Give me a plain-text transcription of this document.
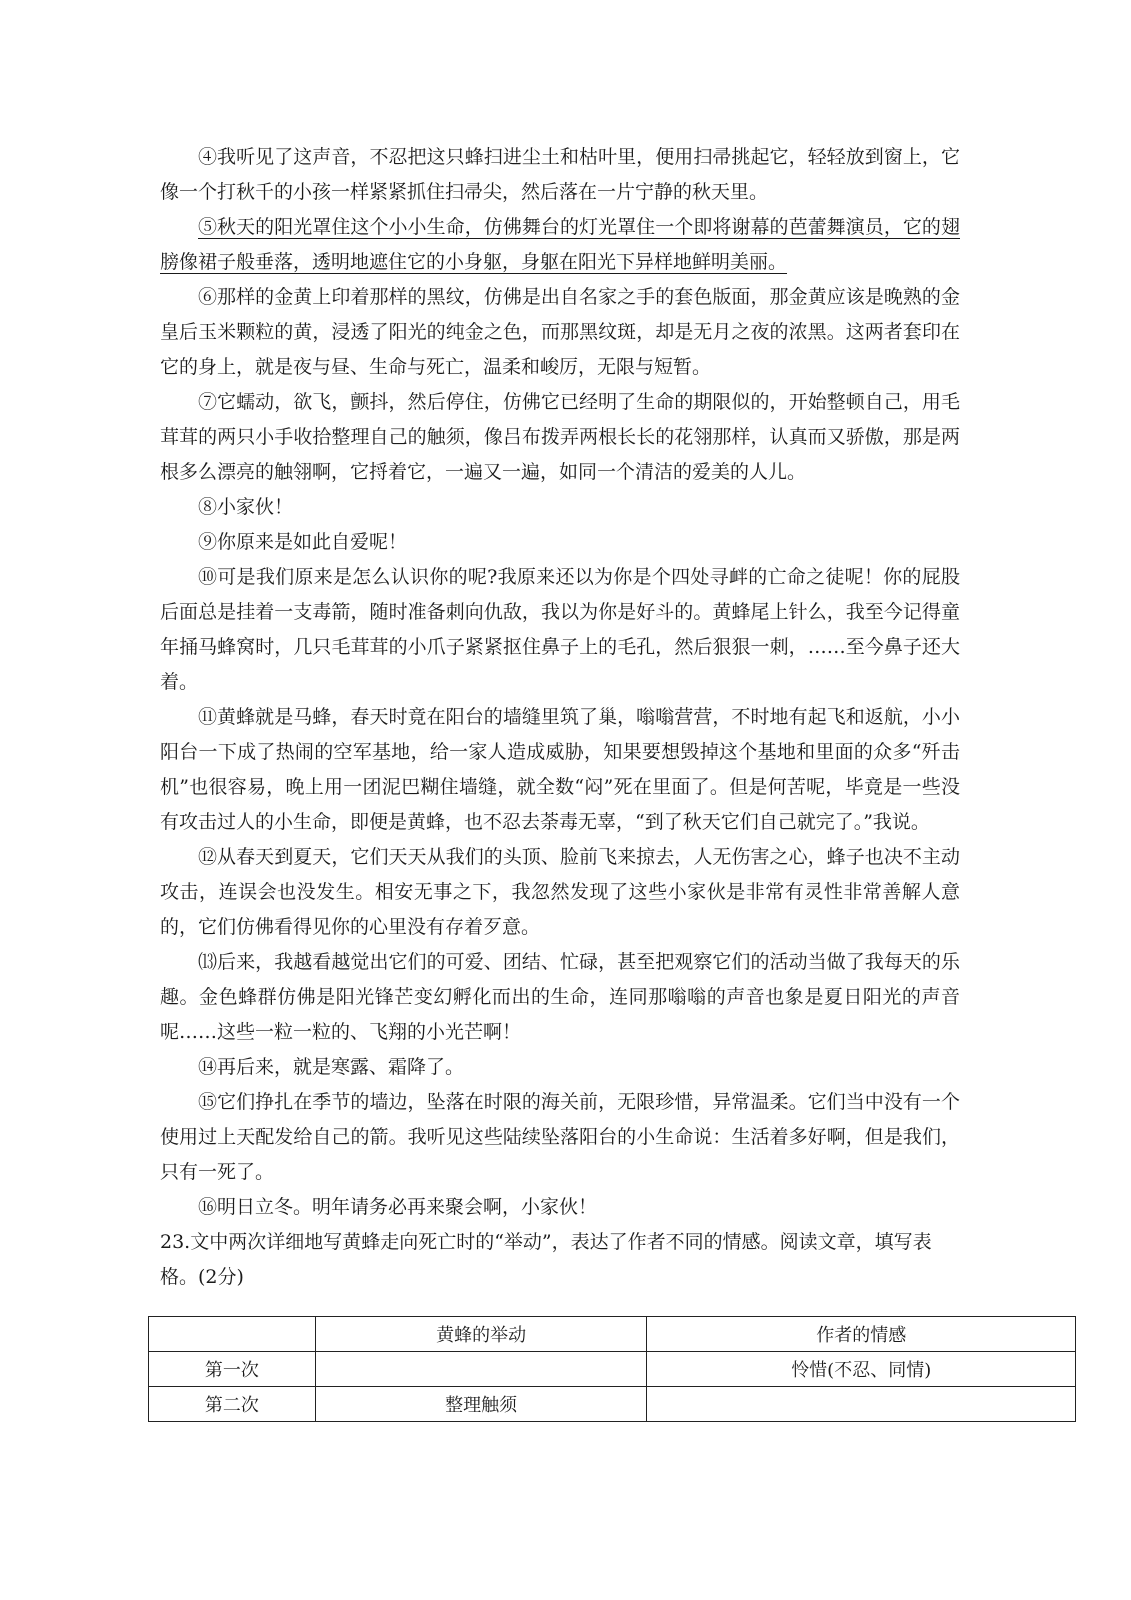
④我听见了这声音，不忍把这只蜂扫进尘土和枯叶里，便用扫帚挑起它，轻轻放到窗上，它像一个打秋千的小孩一样紧紧抓住扫帚尖，然后落在一片宁静的秋天里。

⑤秋天的阳光罩住这个小小生命，仿佛舞台的灯光罩住一个即将谢幕的芭蕾舞演员，它的翅膀像裙子般垂落，透明地遮住它的小身躯，身躯在阳光下异样地鲜明美丽。

⑥那样的金黄上印着那样的黑纹，仿佛是出自名家之手的套色版面，那金黄应该是晚熟的金皇后玉米颗粒的黄，浸透了阳光的纯金之色，而那黑纹斑，却是无月之夜的浓黑。这两者套印在它的身上，就是夜与昼、生命与死亡，温柔和峻厉，无限与短暂。

⑦它蠕动，欲飞，颤抖，然后停住，仿佛它已经明了生命的期限似的，开始整顿自己，用毛茸茸的两只小手收拾整理自己的触须，像吕布拨弄两根长长的花翎那样，认真而又骄傲，那是两根多么漂亮的触翎啊，它捋着它，一遍又一遍，如同一个清洁的爱美的人儿。

⑧小家伙！

⑨你原来是如此自爱呢！

⑩可是我们原来是怎么认识你的呢?我原来还以为你是个四处寻衅的亡命之徒呢！你的屁股后面总是挂着一支毒箭，随时准备刺向仇敌，我以为你是好斗的。黄蜂尾上针么，我至今记得童年捅马蜂窝时，几只毛茸茸的小爪子紧紧抠住鼻子上的毛孔，然后狠狠一刺，……至今鼻子还大着。

⑪黄蜂就是马蜂，春天时竟在阳台的墙缝里筑了巢，嗡嗡营营，不时地有起飞和返航，小小阳台一下成了热闹的空军基地，给一家人造成威胁，知果要想毁掉这个基地和里面的众多“歼击机”也很容易，晚上用一团泥巴糊住墙缝，就全数“闷”死在里面了。但是何苦呢，毕竟是一些没有攻击过人的小生命，即便是黄蜂，也不忍去荼毒无辜，“到了秋天它们自己就完了。”我说。

⑫从春天到夏天，它们天天从我们的头顶、脸前飞来掠去，人无伤害之心，蜂子也决不主动攻击，连误会也没发生。相安无事之下，我忽然发现了这些小家伙是非常有灵性非常善解人意的，它们仿佛看得见你的心里没有存着歹意。

⒀后来，我越看越觉出它们的可爱、团结、忙碌，甚至把观察它们的活动当做了我每天的乐趣。金色蜂群仿佛是阳光锋芒变幻孵化而出的生命，连同那嗡嗡的声音也象是夏日阳光的声音呢……这些一粒一粒的、飞翔的小光芒啊！

⑭再后来，就是寒露、霜降了。

⑮它们挣扎在季节的墙边，坠落在时限的海关前，无限珍惜，异常温柔。它们当中没有一个使用过上天配发给自己的箭。我听见这些陆续坠落阳台的小生命说：生活着多好啊，但是我们，只有一死了。

⑯明日立冬。明年请务必再来聚会啊，小家伙！

23.文中两次详细地写黄蜂走向死亡时的“举动”，表达了作者不同的情感。阅读文章，填写表格。(2分)

	黄蜂的举动	作者的情感
第一次		怜惜(不忍、同情)
第二次	整理触须	
